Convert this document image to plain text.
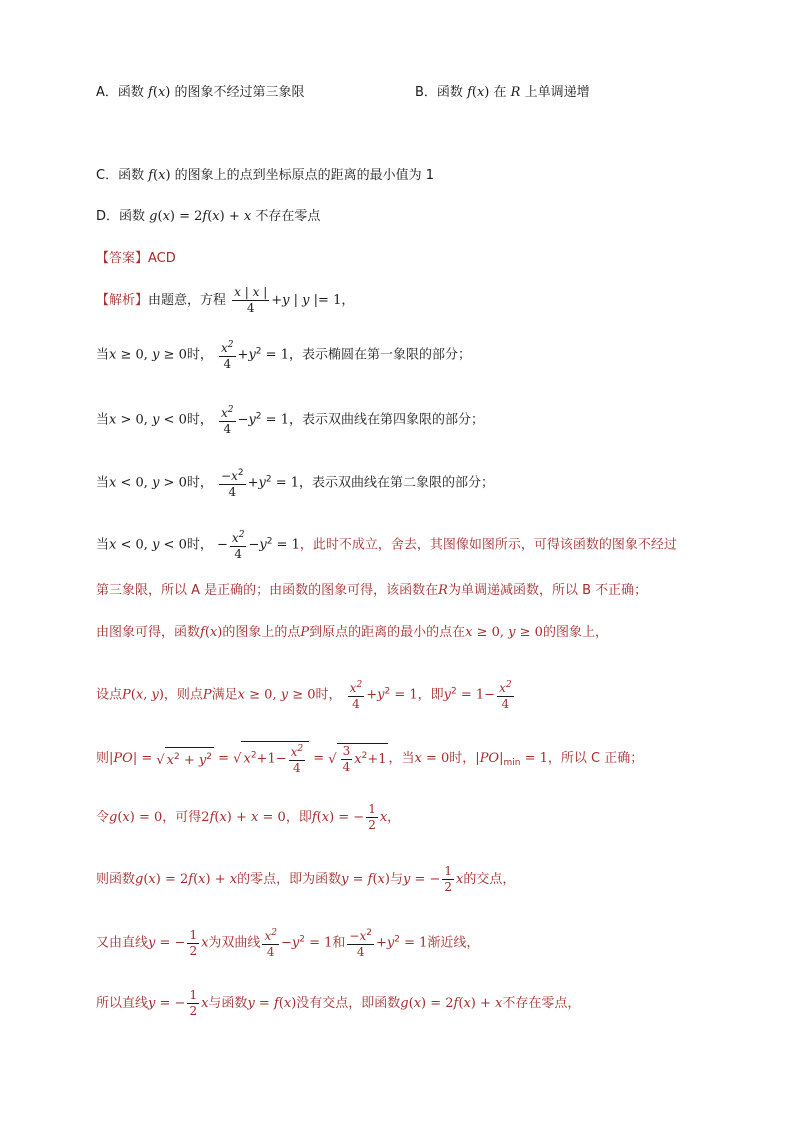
A．函数 f(x) 的图象不经过第三象限	B．函数 f(x) 在 R 上单调递增
C．函数 f(x) 的图象上的点到坐标原点的距离的最小值为 1
D．函数 g(x) = 2f(x) + x 不存在零点
【答案】ACD
【解析】由题意，方程 $\frac{x | x |}{4} +y$ | y |= 1，
当x ≥ 0, y ≥ 0时， $\frac{x^2}{4} +y^2 = 1$，表示椭圆在第一象限的部分；
当x > 0, y < 0时， $\frac{x^2}{4} -y^2 = 1$，表示双曲线在第四象限的部分；
当x < 0, y > 0时， $\frac{-x^2}{4} +y^2 = 1$，表示双曲线在第二象限的部分；
当x < 0, y < 0时， − $\frac{x^2}{4} -y^2 = 1$，此时不成立，舍去，其图像如图所示，可得该函数的图象不经过
第三象限，所以 A 是正确的；由函数的图象可得，该函数在R为单调递减函数，所以 B 不正确；
由图象可得，函数f(x)的图象上的点P到原点的距离的最小的点在x ≥ 0, y ≥ 0的图象上，
设点P(x, y)，则点P满足x ≥ 0, y ≥ 0时， $\frac{x^2}{4} +y^2 = 1$，即$y^2 = 1- \frac{x^2}{4}$
则|PO| = √ $x^2 + y^2$ = √ $x^2+1- \frac{x^2}{4}$ = √ $\frac{3}{4} x^2+1$ ，当x = 0时，$|PO|_{min} = 1$，所以 C 正确；
令g(x) = 0，可得2f(x) + x = 0，即f(x) = − $\frac{1}{2}$ x，
则函数g(x) = 2f(x) + x的零点，即为函数y = f(x)与y = − $\frac{1}{2}$ x的交点，
又由直线y = − $\frac{1}{2}$ x为双曲线 $\frac{x^2}{4} -y^2 = 1$和 $\frac{-x^2}{4} +y^2 = 1$渐近线，
所以直线y = − $\frac{1}{2}$ x与函数y = f(x)没有交点，即函数g(x) = 2f(x) + x不存在零点，
